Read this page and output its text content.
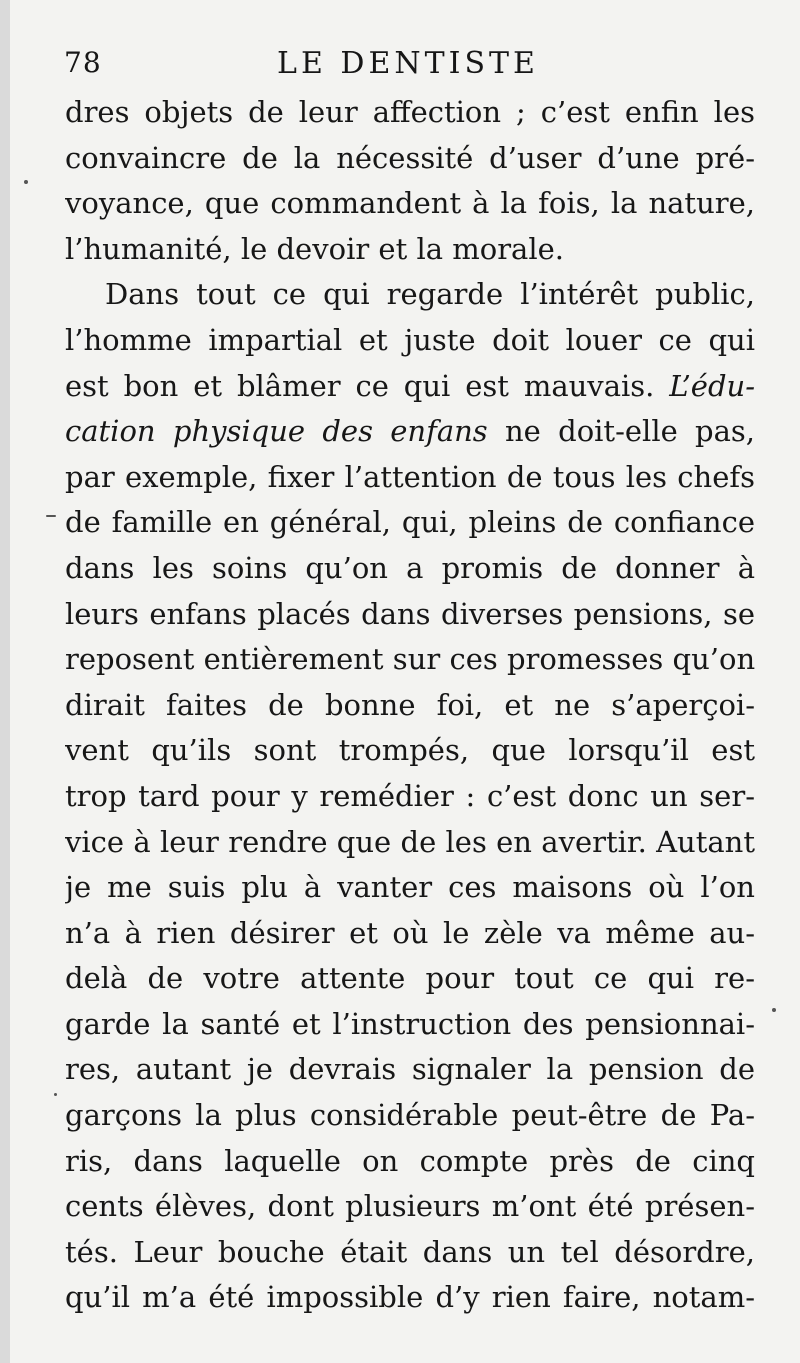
78	LE DENTISTE
dres objets de leur affection ; c’est enfin les
convaincre de la nécessité d’user d’une pré-
voyance, que commandent à la fois, la nature,
l’humanité, le devoir et la morale.
Dans tout ce qui regarde l’intérêt public,
l’homme impartial et juste doit louer ce qui
est bon et blâmer ce qui est mauvais. L’édu-
cation physique des enfans ne doit-elle pas,
par exemple, fixer l’attention de tous les chefs
de famille en général, qui, pleins de confiance
dans les soins qu’on a promis de donner à
leurs enfans placés dans diverses pensions, se
reposent entièrement sur ces promesses qu’on
dirait faites de bonne foi, et ne s’aperçoi-
vent qu’ils sont trompés, que lorsqu’il est
trop tard pour y remédier : c’est donc un ser-
vice à leur rendre que de les en avertir. Autant
je me suis plu à vanter ces maisons où l’on
n’a à rien désirer et où le zèle va même au-
delà de votre attente pour tout ce qui re-
garde la santé et l’instruction des pensionnai-
res, autant je devrais signaler la pension de
garçons la plus considérable peut-être de Pa-
ris, dans laquelle on compte près de cinq
cents élèves, dont plusieurs m’ont été présen-
tés. Leur bouche était dans un tel désordre,
qu’il m’a été impossible d’y rien faire, notam-
